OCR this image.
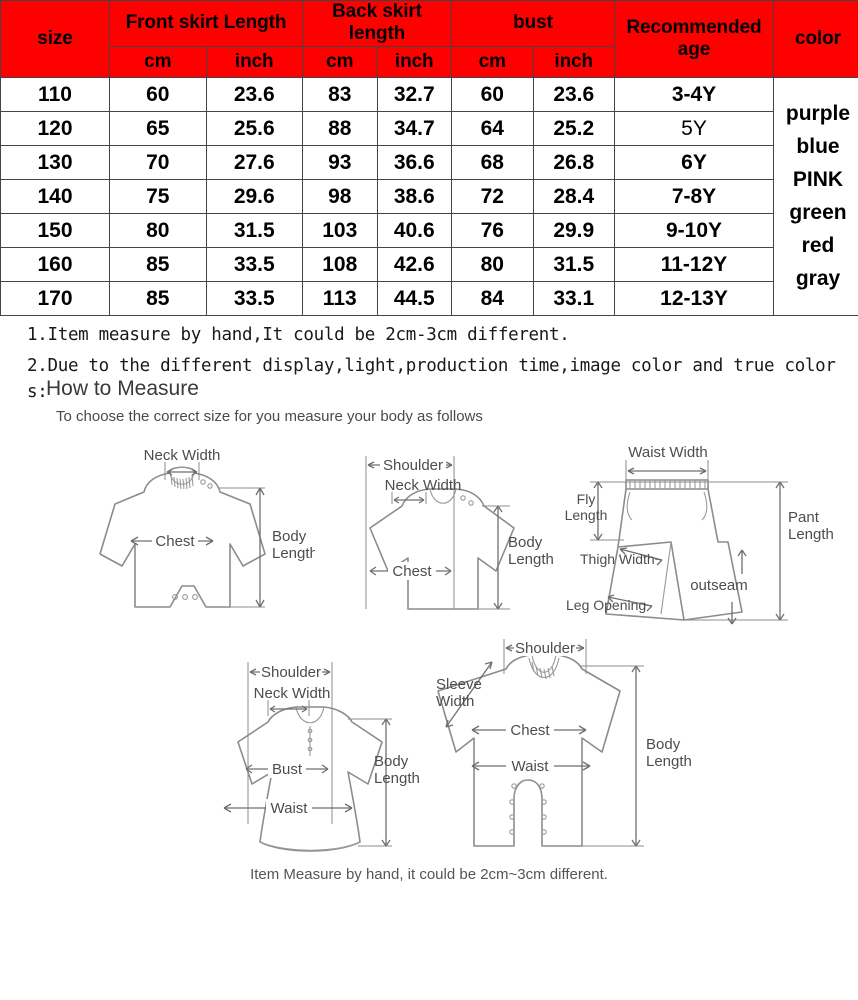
size	Front skirt Length		Back skirt length		bust		Recommended age	color
	cm	inch	cm	inch	cm	inch		
110	60	23.6	83	32.7	60	23.6	3-4Y	purple
blue
PINK
green
red
gray
120	65	25.6	88	34.7	64	25.2	5Y	
130	70	27.6	93	36.6	68	26.8	6Y	
140	75	29.6	98	38.6	72	28.4	7-8Y	
150	80	31.5	103	40.6	76	29.9	9-10Y	
160	85	33.5	108	42.6	80	31.5	11-12Y	
170	85	33.5	113	44.5	84	33.1	12-13Y	
1.Item measure by hand,It could be 2cm-3cm different.
2.Due to the different display,light,production time,image color and true color
s:
How to Measure
To choose the correct size for you measure your body as follows
Neck Width
Chest	Body
Length
Shoulder
Neck Width
Chest
Body
Length
Waist Width
Fly
Length	Pant
Length
Thigh Width
Leg Opening
outseam
Shoulder
Neck Width
Bust
Waist
Body
Length
Shoulder
Sleeve
Width
Chest
Waist
Body
Length
Item Measure by hand, it could be 2cm~3cm different.
